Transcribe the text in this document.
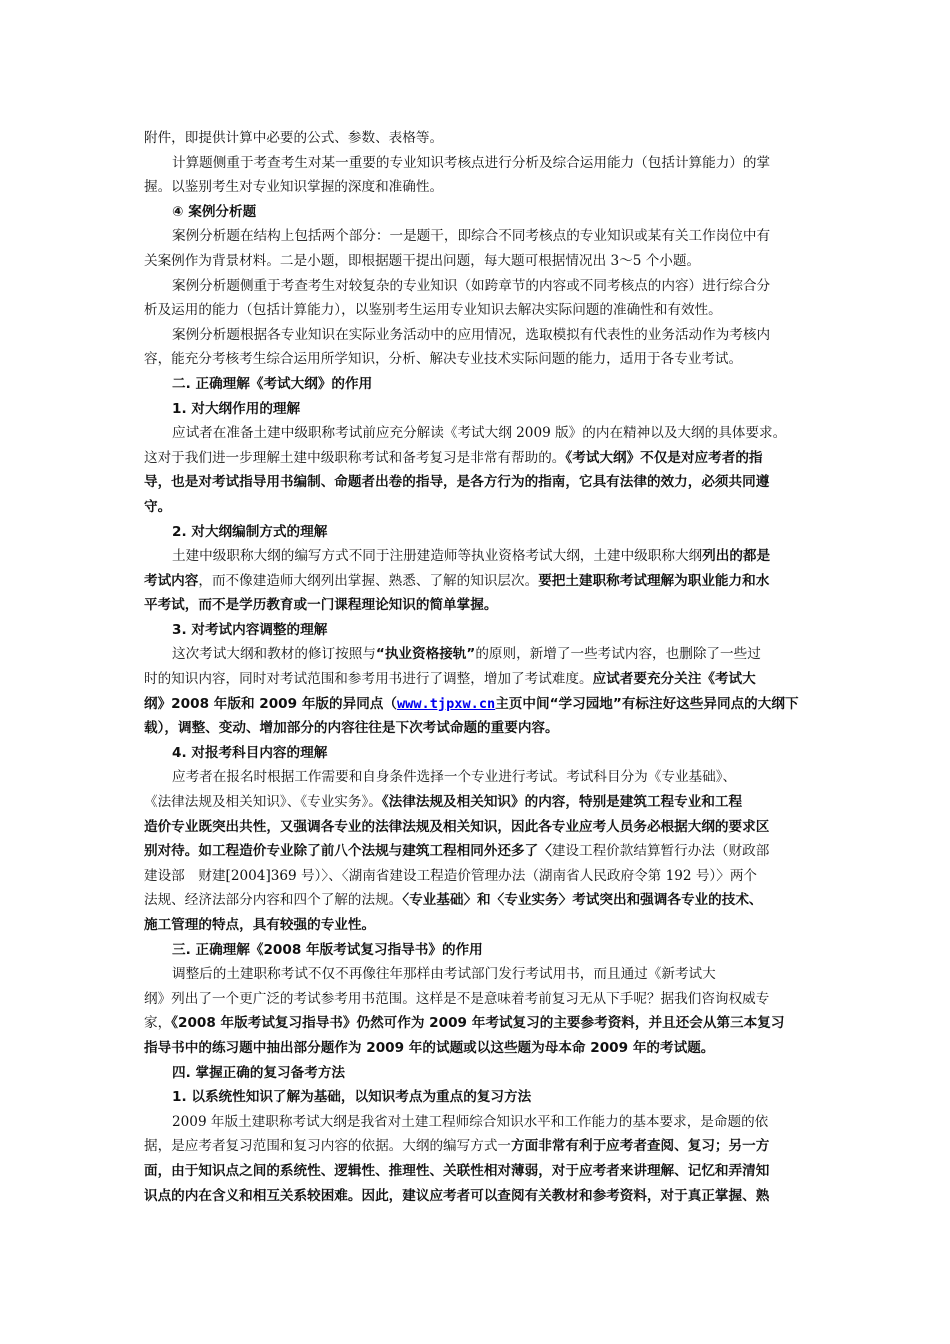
附件，即提供计算中必要的公式、参数、表格等。
计算题侧重于考查考生对某一重要的专业知识考核点进行分析及综合运用能力（包括计算能力）的掌
握。以鉴别考生对专业知识掌握的深度和准确性。
④ 案例分析题
案例分析题在结构上包括两个部分：一是题干，即综合不同考核点的专业知识或某有关工作岗位中有
关案例作为背景材料。二是小题，即根据题干提出问题，每大题可根据情况出 3～5 个小题。
案例分析题侧重于考查考生对较复杂的专业知识（如跨章节的内容或不同考核点的内容）进行综合分
析及运用的能力（包括计算能力），以鉴别考生运用专业知识去解决实际问题的准确性和有效性。
案例分析题根据各专业知识在实际业务活动中的应用情况，选取模拟有代表性的业务活动作为考核内
容，能充分考核考生综合运用所学知识，分析、解决专业技术实际问题的能力，适用于各专业考试。
二. 正确理解《考试大纲》的作用
1. 对大纲作用的理解
应试者在准备土建中级职称考试前应充分解读《考试大纲 2009 版》的内在精神以及大纲的具体要求。
这对于我们进一步理解土建中级职称考试和备考复习是非常有帮助的。《考试大纲》不仅是对应考者的指
导，也是对考试指导用书编制、命题者出卷的指导，是各方行为的指南，它具有法律的效力，必须共同遵
守。
2. 对大纲编制方式的理解
土建中级职称大纲的编写方式不同于注册建造师等执业资格考试大纲，土建中级职称大纲列出的都是
考试内容，而不像建造师大纲列出掌握、熟悉、了解的知识层次。要把土建职称考试理解为职业能力和水
平考试，而不是学历教育或一门课程理论知识的简单掌握。
3. 对考试内容调整的理解
这次考试大纲和教材的修订按照与“执业资格接轨”的原则，新增了一些考试内容，也删除了一些过
时的知识内容，同时对考试范围和参考用书进行了调整，增加了考试难度。应试者要充分关注《考试大
纲》2008 年版和 2009 年版的异同点（www.tjpxw.cn主页中间“学习园地”有标注好这些异同点的大纲下
载），调整、变动、增加部分的内容往往是下次考试命题的重要内容。
4. 对报考科目内容的理解
应考者在报名时根据工作需要和自身条件选择一个专业进行考试。考试科目分为《专业基础》、
《法律法规及相关知识》、《专业实务》。《法律法规及相关知识》的内容，特别是建筑工程专业和工程
造价专业既突出共性，又强调各专业的法律法规及相关知识，因此各专业应考人员务必根据大纲的要求区
别对待。如工程造价专业除了前八个法规与建筑工程相同外还多了〈建设工程价款结算暂行办法（财政部
建设部　财建[2004]369 号）〉、〈湖南省建设工程造价管理办法（湖南省人民政府令第 192 号）〉两个
法规、经济法部分内容和四个了解的法规。〈专业基础〉和〈专业实务〉考试突出和强调各专业的技术、
施工管理的特点，具有较强的专业性。
三. 正确理解《2008 年版考试复习指导书》的作用
调整后的土建职称考试不仅不再像往年那样由考试部门发行考试用书，而且通过《新考试大
纲》列出了一个更广泛的考试参考用书范围。这样是不是意味着考前复习无从下手呢？据我们咨询权威专
家，《2008 年版考试复习指导书》仍然可作为 2009 年考试复习的主要参考资料，并且还会从第三本复习
指导书中的练习题中抽出部分题作为 2009 年的试题或以这些题为母本命 2009 年的考试题。
四. 掌握正确的复习备考方法
1. 以系统性知识了解为基础，以知识考点为重点的复习方法
2009 年版土建职称考试大纲是我省对土建工程师综合知识水平和工作能力的基本要求，是命题的依
据，是应考者复习范围和复习内容的依据。大纲的编写方式一方面非常有利于应考者查阅、复习；另一方
面，由于知识点之间的系统性、逻辑性、推理性、关联性相对薄弱，对于应考者来讲理解、记忆和弄清知
识点的内在含义和相互关系较困难。因此，建议应考者可以查阅有关教材和参考资料，对于真正掌握、熟
